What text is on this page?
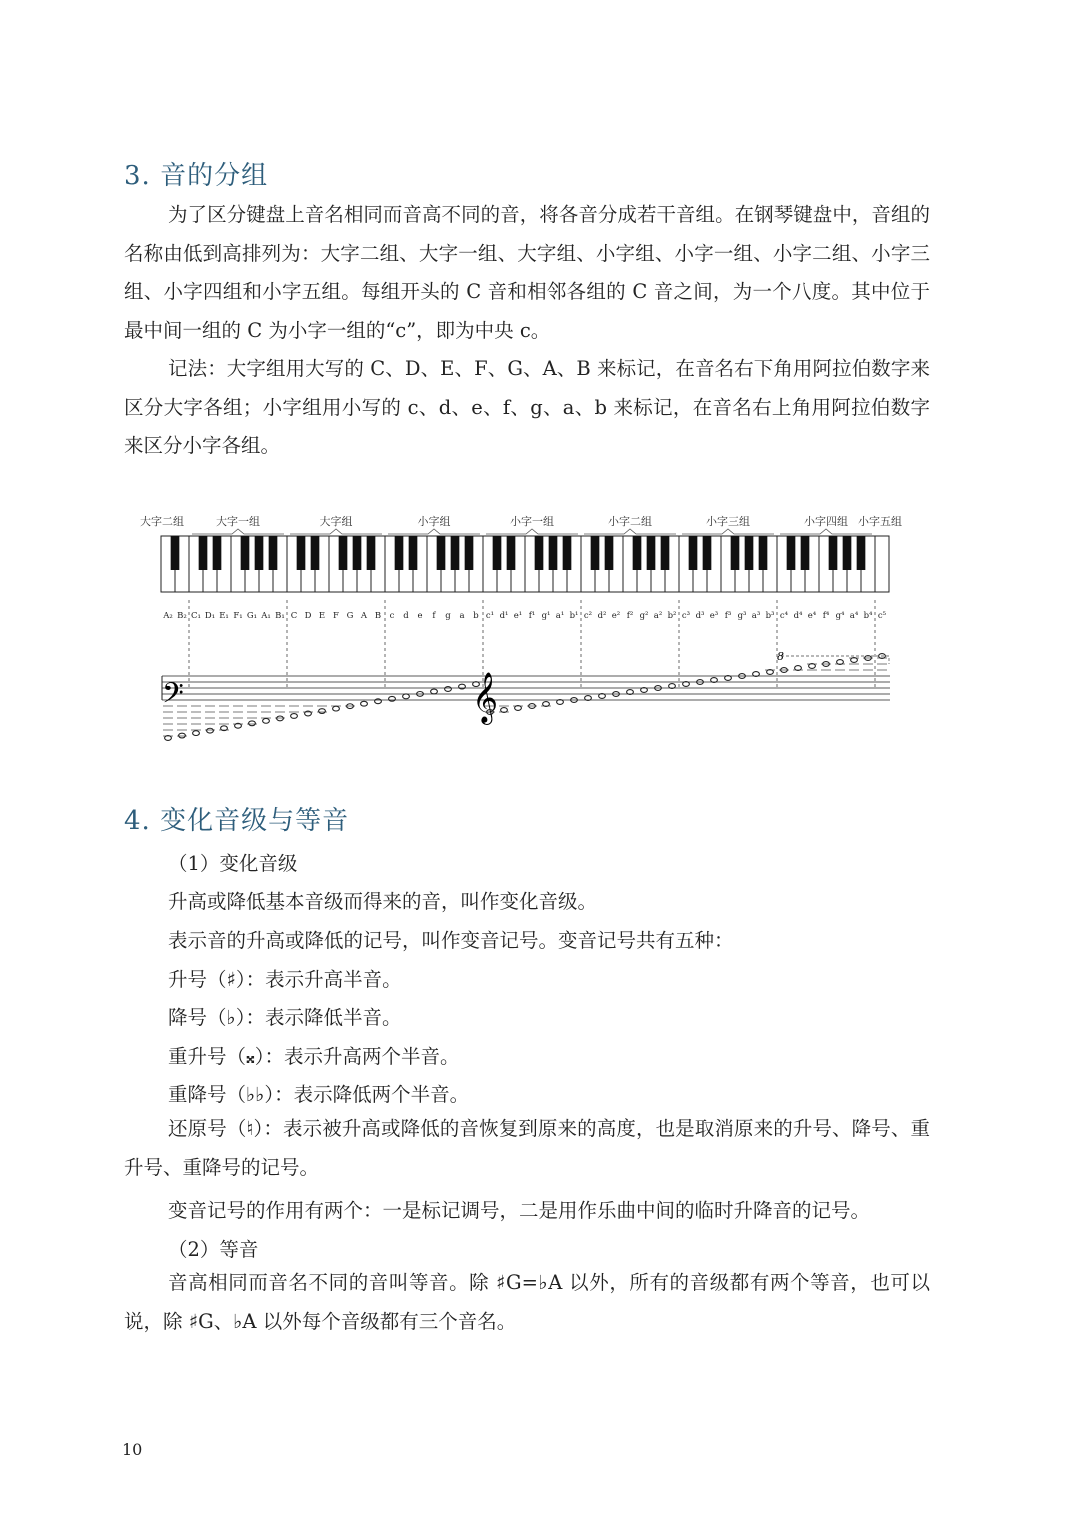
3. 音的分组

为了区分键盘上音名相同而音高不同的音，将各音分成若干音组。在钢琴键盘中，音组的名称由低到高排列为：大字二组、大字一组、大字组、小字组、小字一组、小字二组、小字三组、小字四组和小字五组。每组开头的 C 音和相邻各组的 C 音之间，为一个八度。其中位于最中间一组的 C 为小字一组的“c”，即为中央 c。

记法：大字组用大写的 C、D、E、F、G、A、B 来标记，在音名右下角用阿拉伯数字来区分大字各组；小字组用小写的 c、d、e、f、g、a、b 来标记，在音名右上角用阿拉伯数字来区分小字各组。

大字二组	大字一组	大字组	小字组	小字一组	小字二组	小字三组	小字四组 小字五组
A₂ B₂ C₁ D₁ E₁ F₁ G₁ A₁ B₁ C D E F G A B c d e f g a b c¹ d¹ e¹ f¹ g¹ a¹ b¹ c² d² e² f² g² a² b² c³ d³ e³ f³ g³ a³ b³ c⁴ d⁴ e⁴ f⁴ g⁴ a⁴ b⁴ c⁵
𝄢	𝄞
8
4. 变化音级与等音
（1）变化音级
升高或降低基本音级而得来的音，叫作变化音级。
表示音的升高或降低的记号，叫作变音记号。变音记号共有五种：
升号（♯）：表示升高半音。
降号（♭）：表示降低半音。
重升号（𝄪）：表示升高两个半音。
重降号（♭♭）：表示降低两个半音。

还原号（♮）：表示被升高或降低的音恢复到原来的高度，也是取消原来的升号、降号、重升号、重降号的记号。

变音记号的作用有两个：一是标记调号，二是用作乐曲中间的临时升降音的记号。
（2）等音

音高相同而音名不同的音叫等音。除 ♯G=♭A 以外，所有的音级都有两个等音，也可以说，除 ♯G、♭A 以外每个音级都有三个音名。

10
